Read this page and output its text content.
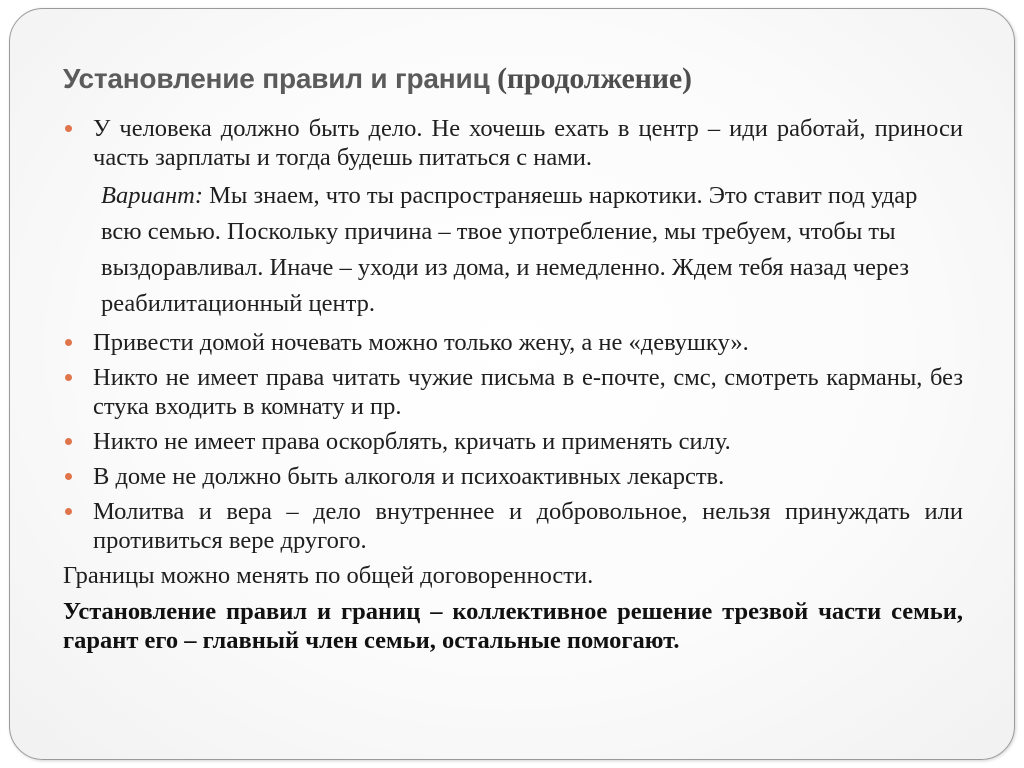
Установление правил и границ (продолжение)
У человека должно быть дело. Не хочешь ехать в центр – иди работай, приноси часть зарплаты и тогда будешь питаться с нами.
Вариант: Мы знаем, что ты распространяешь наркотики. Это ставит под удар всю семью. Поскольку причина – твое употребление, мы требуем, чтобы ты выздоравливал. Иначе – уходи из дома, и немедленно. Ждем тебя назад через реабилитационный центр.
Привести домой ночевать можно только жену, а не «девушку».
Никто не имеет права читать чужие письма в е-почте, смс, смотреть карманы, без стука входить в комнату и пр.
Никто не имеет права оскорблять, кричать и применять силу.
В доме не должно быть алкоголя и психоактивных лекарств.
Молитва и вера – дело внутреннее и добровольное, нельзя принуждать или противиться вере другого.
Границы можно менять по общей договоренности.
Установление правил и границ – коллективное решение трезвой части семьи, гарант его – главный член семьи, остальные помогают.
